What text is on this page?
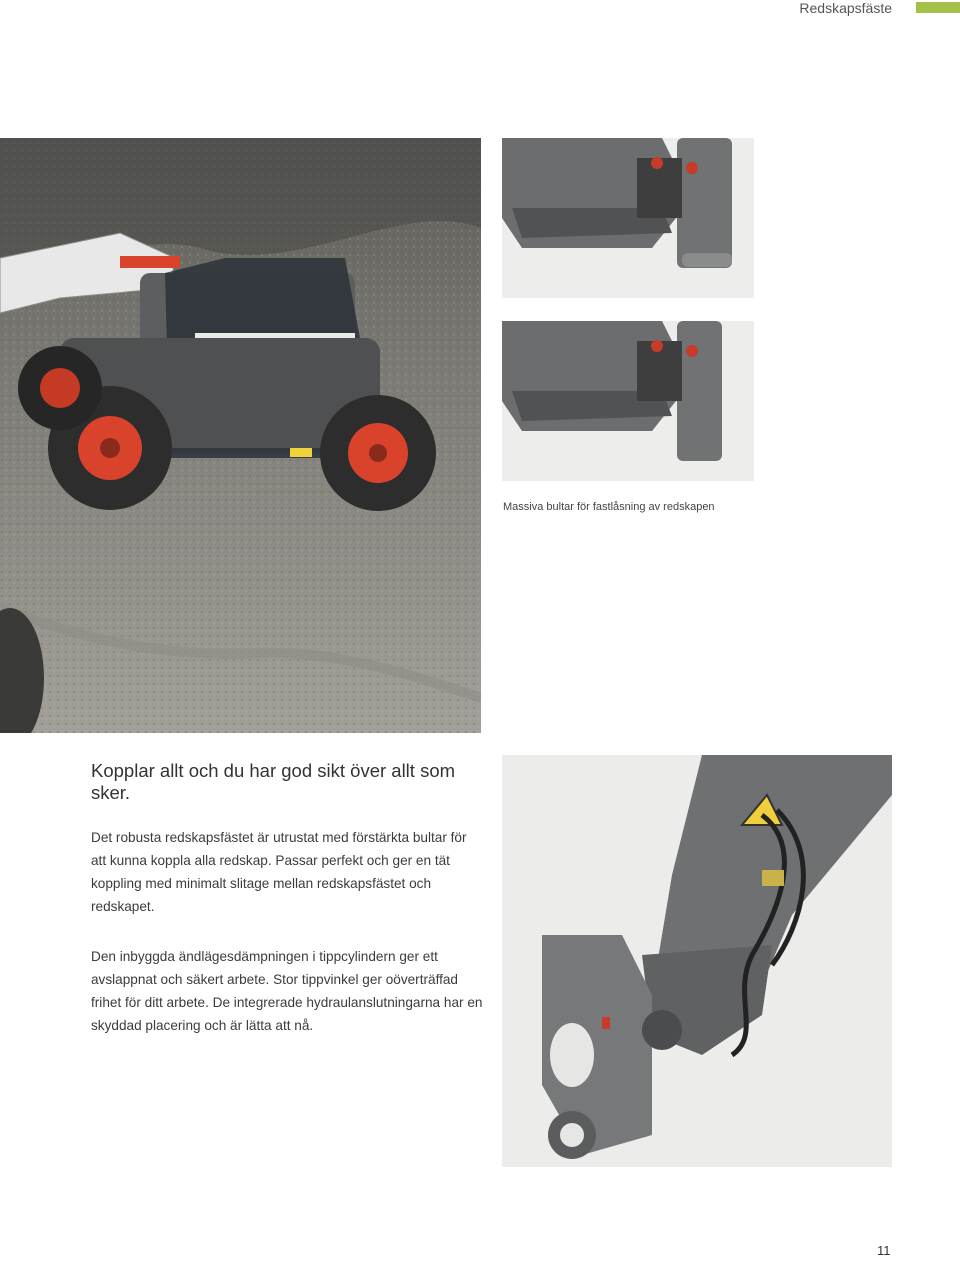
Redskapsfäste
Massiva bultar för fastlåsning av redskapen
Kopplar allt och du har god sikt över allt som sker.

Det robusta redskapsfästet är utrustat med förstärkta bultar för att kunna koppla alla redskap. Passar perfekt och ger en tät koppling med minimalt slitage mellan redskapsfästet och redskapet.

Den inbyggda ändlägesdämpningen i tippcylindern ger ett avslappnat och säkert arbete. Stor tippvinkel ger oöverträffad frihet för ditt arbete. De integrerade hydraulanslutningarna har en skyddad placering och är lätta att nå.

11
